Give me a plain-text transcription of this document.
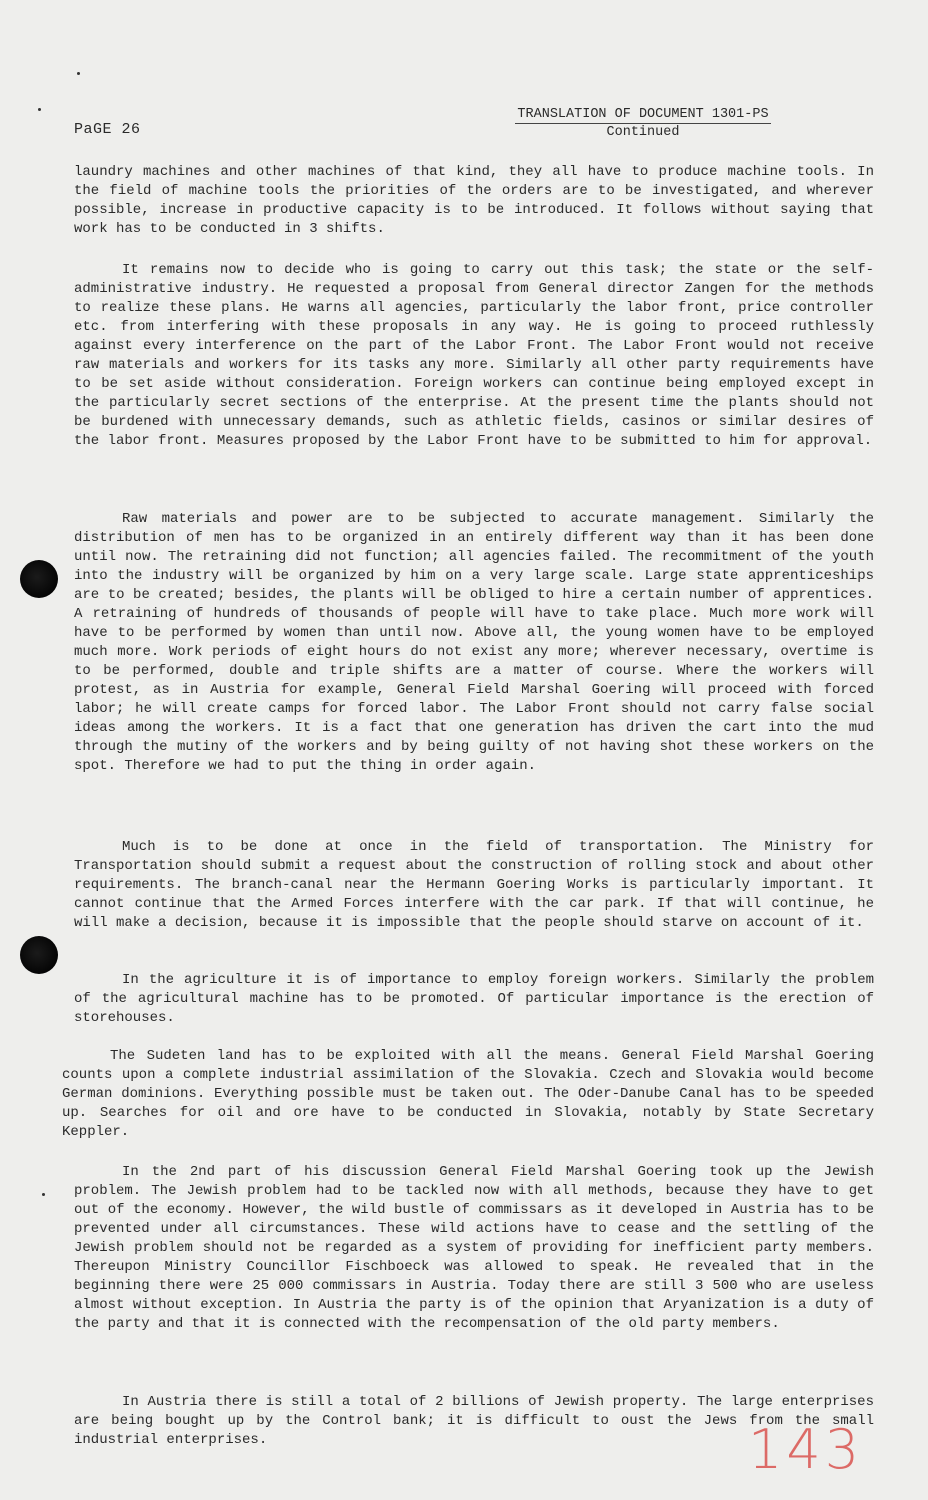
PaGE 26
TRANSLATION OF DOCUMENT 1301-PS
Continued

laundry machines and other machines of that kind, they all have to produce machine tools. In the field of machine tools the priorities of the orders are to be investigated, and wherever possible, increase in productive capacity is to be introduced. It follows without saying that work has to be conducted in 3 shifts.

It remains now to decide who is going to carry out this task; the state or the self-administrative industry. He requested a proposal from General director Zangen for the methods to realize these plans. He warns all agencies, particularly the labor front, price controller etc. from interfering with these proposals in any way. He is going to proceed ruthlessly against every interference on the part of the Labor Front. The Labor Front would not receive raw materials and workers for its tasks any more. Similarly all other party requirements have to be set aside without consideration. Foreign workers can continue being employed except in the particularly secret sections of the enterprise. At the present time the plants should not be burdened with unnecessary demands, such as athletic fields, casinos or similar desires of the labor front. Measures proposed by the Labor Front have to be submitted to him for approval.

Raw materials and power are to be subjected to accurate management. Similarly the distribution of men has to be organized in an entirely different way than it has been done until now. The retraining did not function; all agencies failed. The recommitment of the youth into the industry will be organized by him on a very large scale. Large state apprenticeships are to be created; besides, the plants will be obliged to hire a certain number of apprentices. A retraining of hundreds of thousands of people will have to take place. Much more work will have to be performed by women than until now. Above all, the young women have to be employed much more. Work periods of eight hours do not exist any more; wherever necessary, overtime is to be performed, double and triple shifts are a matter of course. Where the workers will protest, as in Austria for example, General Field Marshal Goering will proceed with forced labor; he will create camps for forced labor. The Labor Front should not carry false social ideas among the workers. It is a fact that one generation has driven the cart into the mud through the mutiny of the workers and by being guilty of not having shot these workers on the spot. Therefore we had to put the thing in order again.

Much is to be done at once in the field of transportation. The Ministry for Transportation should submit a request about the construction of rolling stock and about other requirements. The branch-canal near the Hermann Goering Works is particularly important. It cannot continue that the Armed Forces interfere with the car park. If that will continue, he will make a decision, because it is impossible that the people should starve on account of it.

In the agriculture it is of importance to employ foreign workers. Similarly the problem of the agricultural machine has to be promoted. Of particular importance is the erection of storehouses.

The Sudeten land has to be exploited with all the means. General Field Marshal Goering counts upon a complete industrial assimilation of the Slovakia. Czech and Slovakia would become German dominions. Everything possible must be taken out. The Oder-Danube Canal has to be speeded up. Searches for oil and ore have to be conducted in Slovakia, notably by State Secretary Keppler.

In the 2nd part of his discussion General Field Marshal Goering took up the Jewish problem. The Jewish problem had to be tackled now with all methods, because they have to get out of the economy. However, the wild bustle of commissars as it developed in Austria has to be prevented under all circumstances. These wild actions have to cease and the settling of the Jewish problem should not be regarded as a system of providing for inefficient party members. Thereupon Ministry Councillor Fischboeck was allowed to speak. He revealed that in the beginning there were 25 000 commissars in Austria. Today there are still 3 500 who are useless almost without exception. In Austria the party is of the opinion that Aryanization is a duty of the party and that it is connected with the recompensation of the old party members.

In Austria there is still a total of 2 billions of Jewish property. The large enterprises are being bought up by the Control bank; it is difficult to oust the Jews from the small industrial enterprises.	143
